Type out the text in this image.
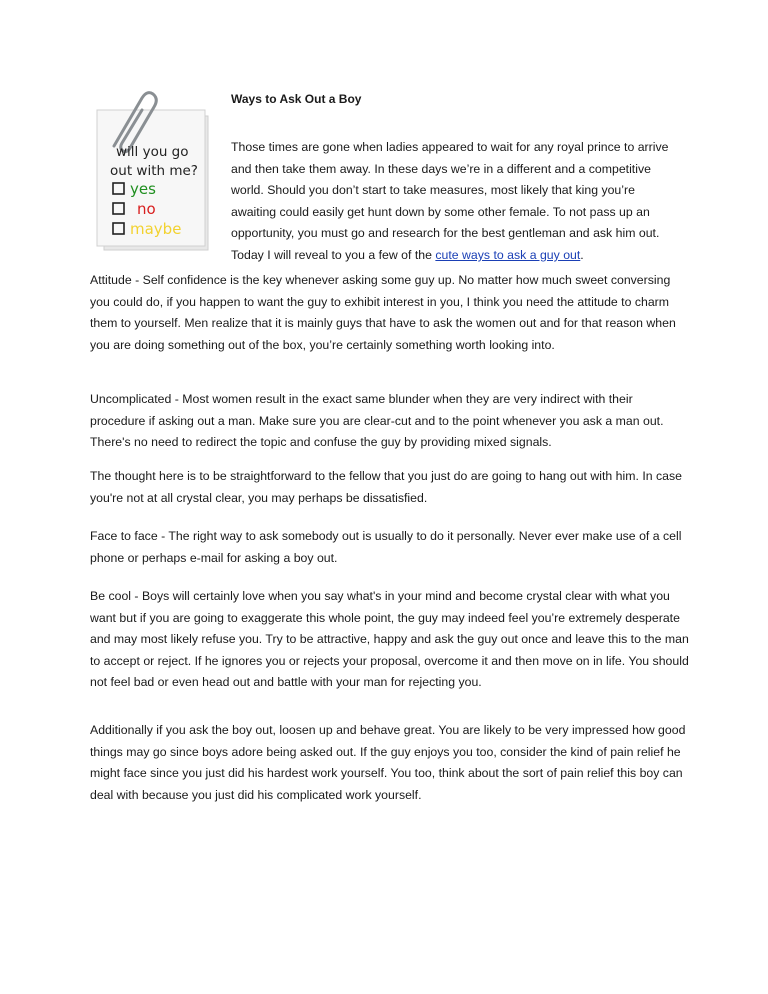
will you go
out with me?
yes
no
maybe
Ways to Ask Out a Boy

Those times are gone when ladies appeared to wait for any royal prince to arrive and then take them away. In these days we’re in a different and a competitive world. Should you don’t start to take measures, most likely that king you’re awaiting could easily get hunt down by some other female. To not pass up an opportunity, you must go and research for the best gentleman and ask him out. Today I will reveal to you a few of the cute ways to ask a guy out.

Attitude - Self confidence is the key whenever asking some guy up. No matter how much sweet conversing you could do, if you happen to want the guy to exhibit interest in you, I think you need the attitude to charm them to yourself. Men realize that it is mainly guys that have to ask the women out and for that reason when you are doing something out of the box, you’re certainly something worth looking into.

Uncomplicated - Most women result in the exact same blunder when they are very indirect with their procedure if asking out a man. Make sure you are clear-cut and to the point whenever you ask a man out. There's no need to redirect the topic and confuse the guy by providing mixed signals.

The thought here is to be straightforward to the fellow that you just do are going to hang out with him. In case you're not at all crystal clear, you may perhaps be dissatisfied.

Face to face - The right way to ask somebody out is usually to do it personally. Never ever make use of a cell phone or perhaps e-mail for asking a boy out.

Be cool - Boys will certainly love when you say what's in your mind and become crystal clear with what you want but if you are going to exaggerate this whole point, the guy may indeed feel you’re extremely desperate and may most likely refuse you. Try to be attractive, happy and ask the guy out once and leave this to the man to accept or reject. If he ignores you or rejects your proposal, overcome it and then move on in life. You should not feel bad or even head out and battle with your man for rejecting you.

Additionally if you ask the boy out, loosen up and behave great. You are likely to be very impressed how good things may go since boys adore being asked out. If the guy enjoys you too, consider the kind of pain relief he might face since you just did his hardest work yourself. You too, think about the sort of pain relief this boy can deal with because you just did his complicated work yourself.
